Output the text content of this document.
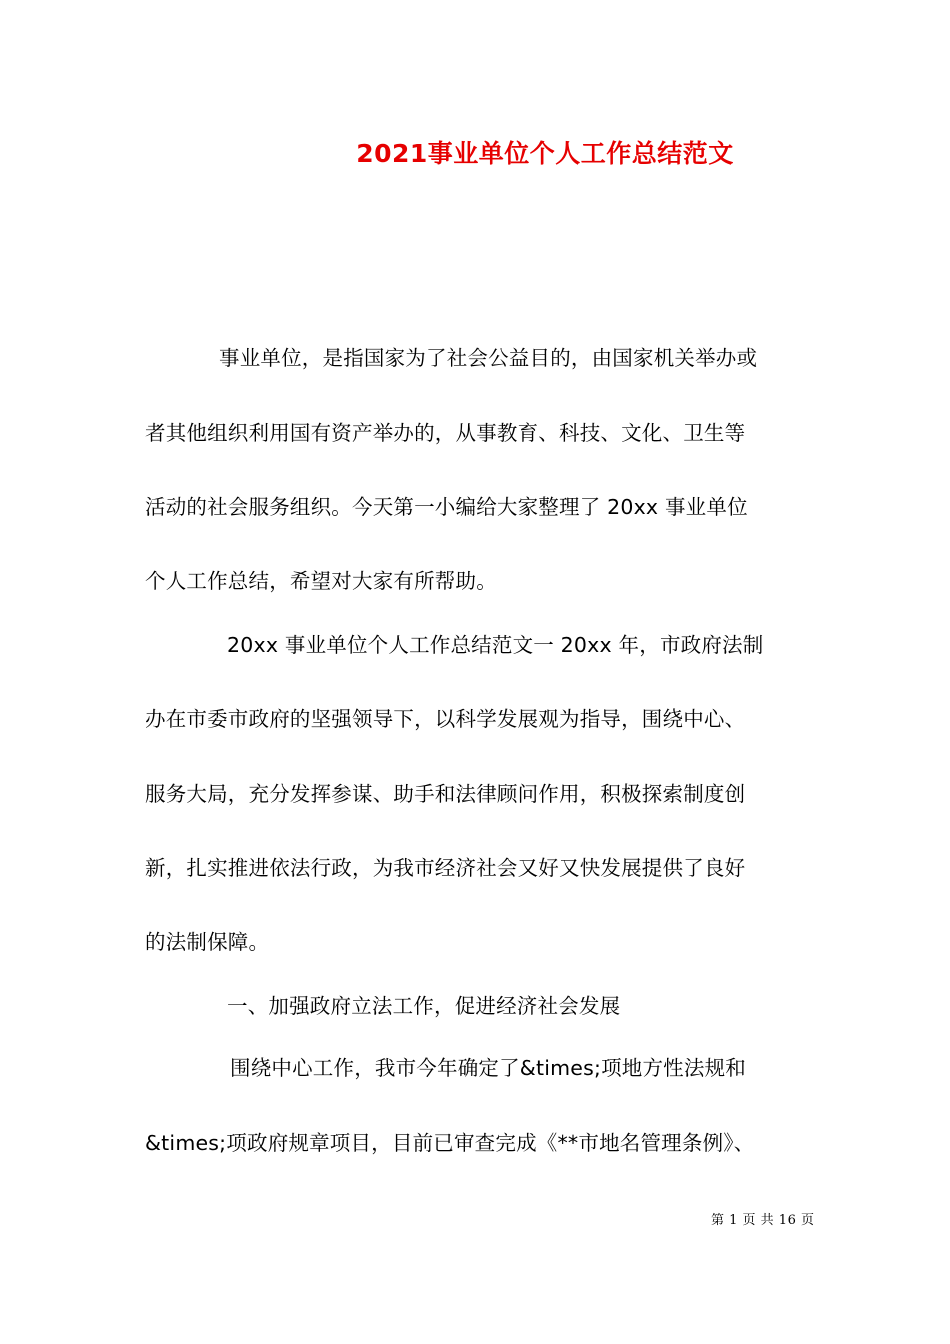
2021事业单位个人工作总结范文
事业单位，是指国家为了社会公益目的，由国家机关举办或
者其他组织利用国有资产举办的，从事教育、科技、文化、卫生等
活动的社会服务组织。今天第一小编给大家整理了 20xx 事业单位
个人工作总结，希望对大家有所帮助。
20xx 事业单位个人工作总结范文一 20xx 年，市政府法制
办在市委市政府的坚强领导下，以科学发展观为指导，围绕中心、
服务大局，充分发挥参谋、助手和法律顾问作用，积极探索制度创
新，扎实推进依法行政，为我市经济社会又好又快发展提供了良好
的法制保障。
一、加强政府立法工作，促进经济社会发展
围绕中心工作，我市今年确定了&times;项地方性法规和
&times;项政府规章项目，目前已审查完成《**市地名管理条例》、
第 1 页 共 16 页
